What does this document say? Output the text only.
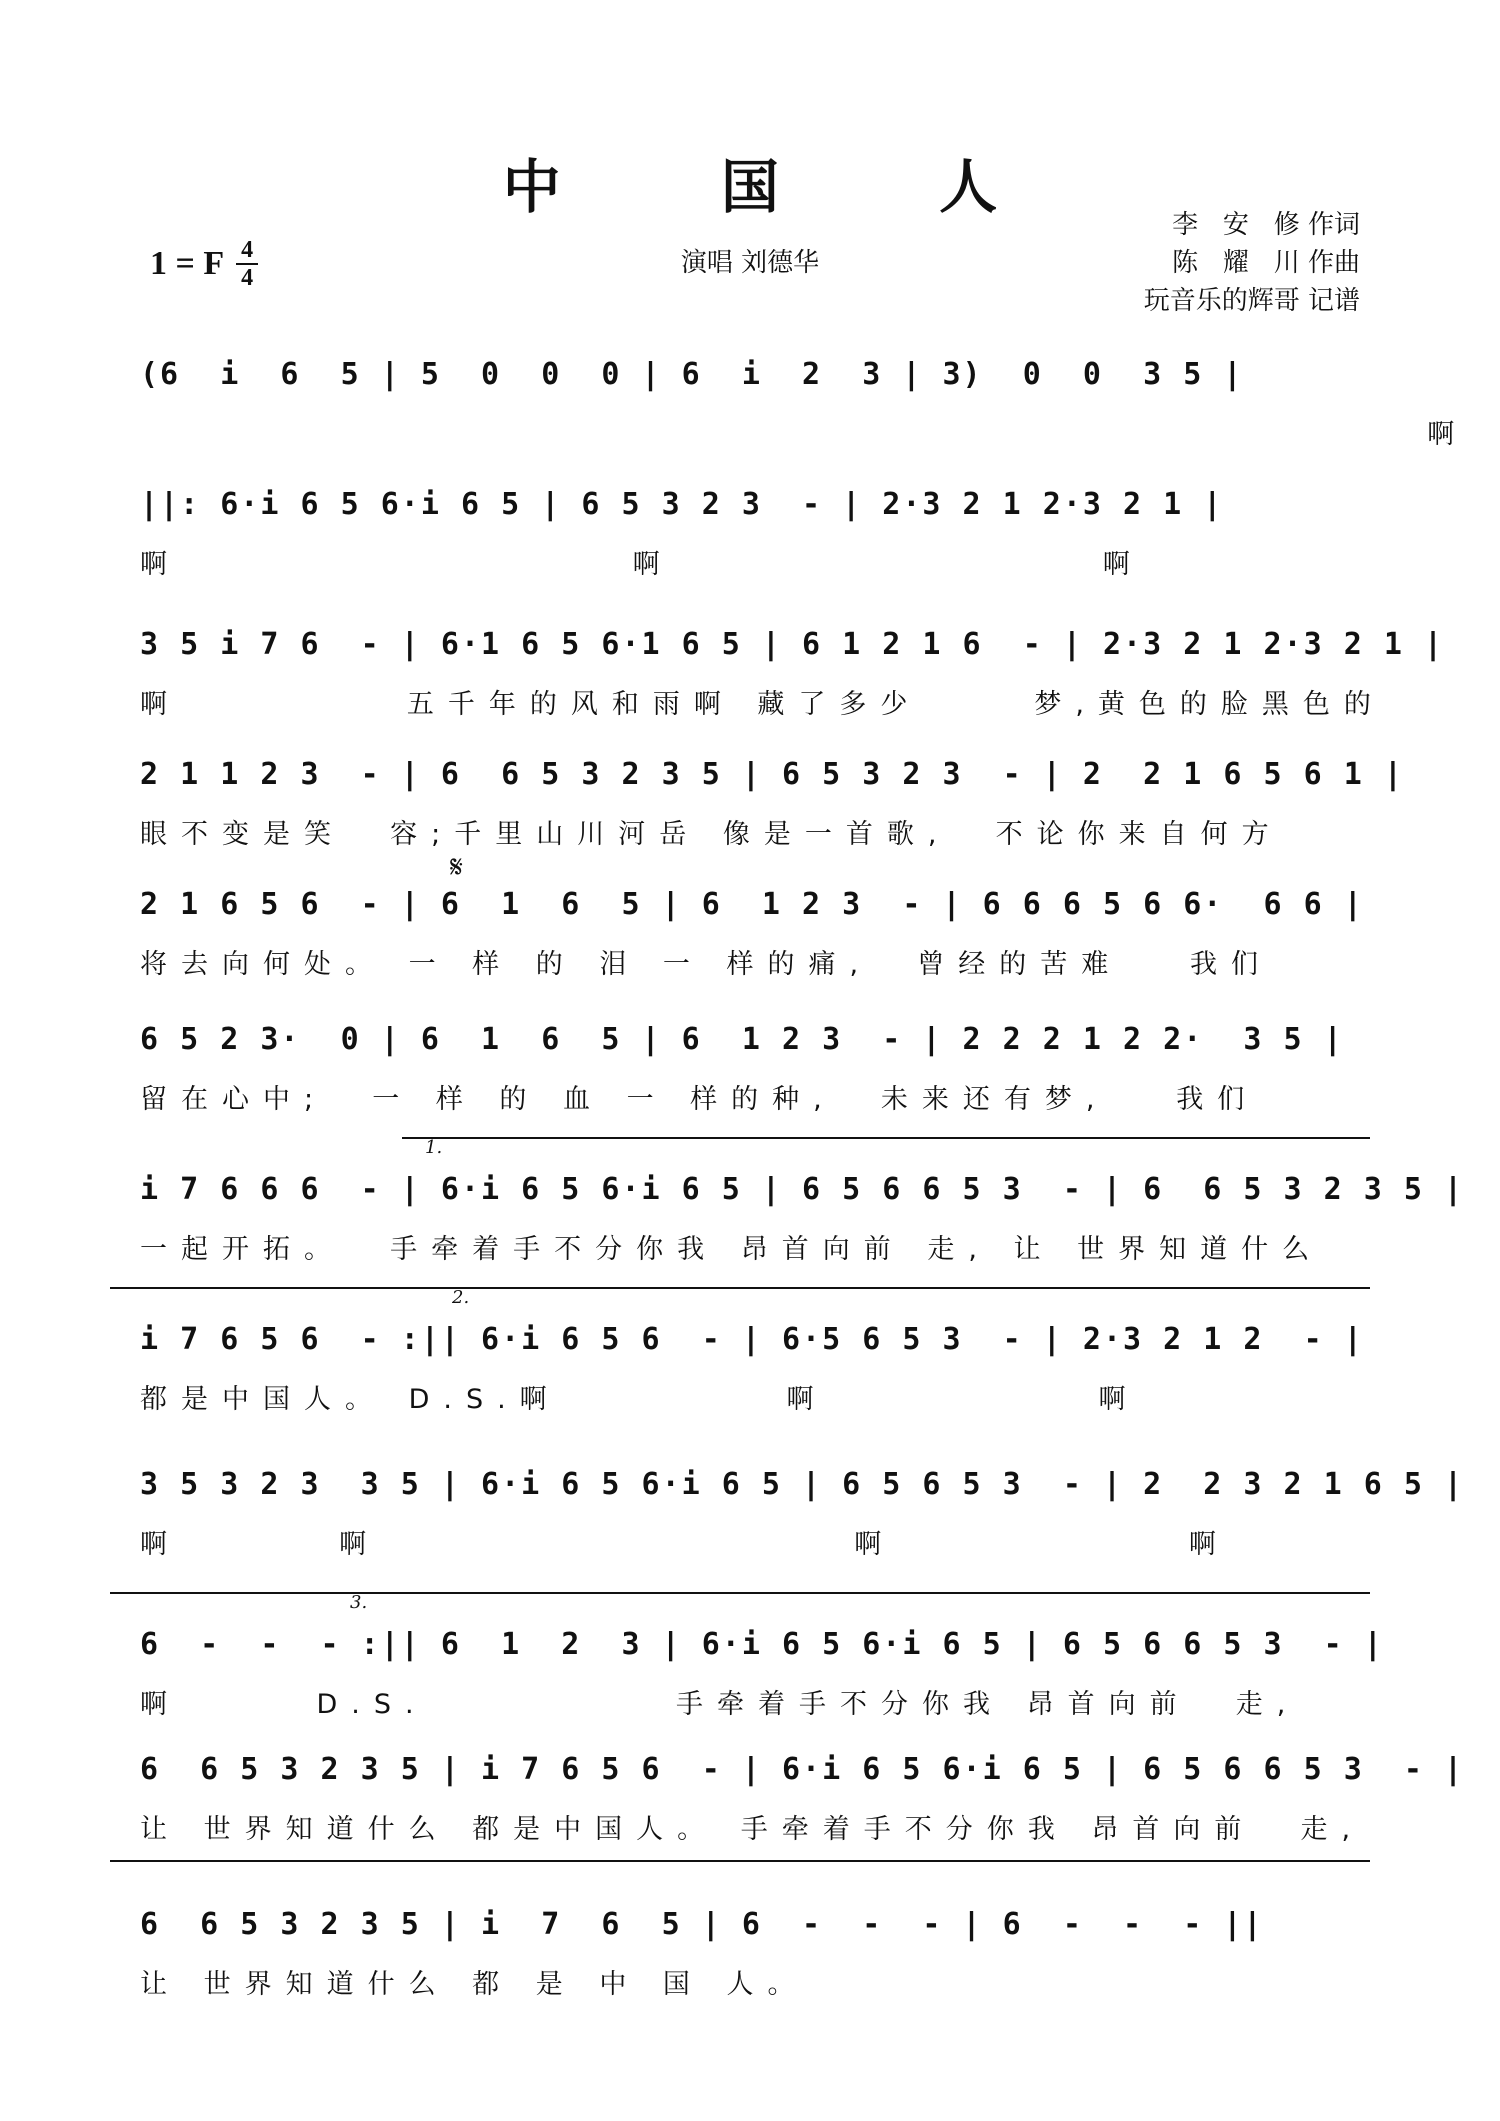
中 国 人
1 = F 4
4	演唱 刘德华
李   安   修 作词
陈   耀   川 作曲
玩音乐的辉哥 记谱
(6  i  6  5 | 5  0  0  0 | 6  i  2  3 | 3)  0  0  3 5 |
啊
||: 6·i 6 5 6·i 6 5 | 6 5 3 2 3  - | 2·3 2 1 2·3 2 1 |
啊                    啊                   啊
3 5 i 7 6  - | 6·1 6 5 6·1 6 5 | 6 1 2 1 6  - | 2·3 2 1 2·3 2 1 |
啊          五千年的风和雨啊 藏了多少     梦,黄色的脸黑色的
2 1 1 2 3  - | 6  6 5 3 2 3 5 | 6 5 3 2 3  - | 2  2 1 6 5 6 1 |
眼不变是笑  容;千里山川河岳 像是一首歌,  不论你来自何方
𝄋
2 1 6 5 6  - | 6  1  6  5 | 6  1 2 3  - | 6 6 6 5 6 6·  6 6 |
将去向何处。 一 样 的 泪 一 样的痛,  曾经的苦难   我们
6 5 2 3·  0 | 6  1  6  5 | 6  1 2 3  - | 2 2 2 1 2 2·  3 5 |
留在心中;  一 样 的 血 一 样的种,  未来还有梦,   我们
1.
i 7 6 6 6  - | 6·i 6 5 6·i 6 5 | 6 5 6 6 5 3  - | 6  6 5 3 2 3 5 |
一起开拓。  手牵着手不分你我 昂首向前 走, 让 世界知道什么
2.
i 7 6 5 6  - :|| 6·i 6 5 6  - | 6·5 6 5 3  - | 2·3 2 1 2  - |
都是中国人。 D.S.啊          啊            啊
3 5 3 2 3  3 5 | 6·i 6 5 6·i 6 5 | 6 5 6 5 3  - | 2  2 3 2 1 6 5 |
啊       啊                     啊             啊
3.
6  -  -  - :|| 6  1  2  3 | 6·i 6 5 6·i 6 5 | 6 5 6 6 5 3  - |
啊      D.S.           手牵着手不分你我 昂首向前  走,
6  6 5 3 2 3 5 | i 7 6 5 6  - | 6·i 6 5 6·i 6 5 | 6 5 6 6 5 3  - |
让 世界知道什么 都是中国人。 手牵着手不分你我 昂首向前  走,
6  6 5 3 2 3 5 | i  7  6  5 | 6  -  -  - | 6  -  -  - ||
让 世界知道什么 都 是 中 国 人。
